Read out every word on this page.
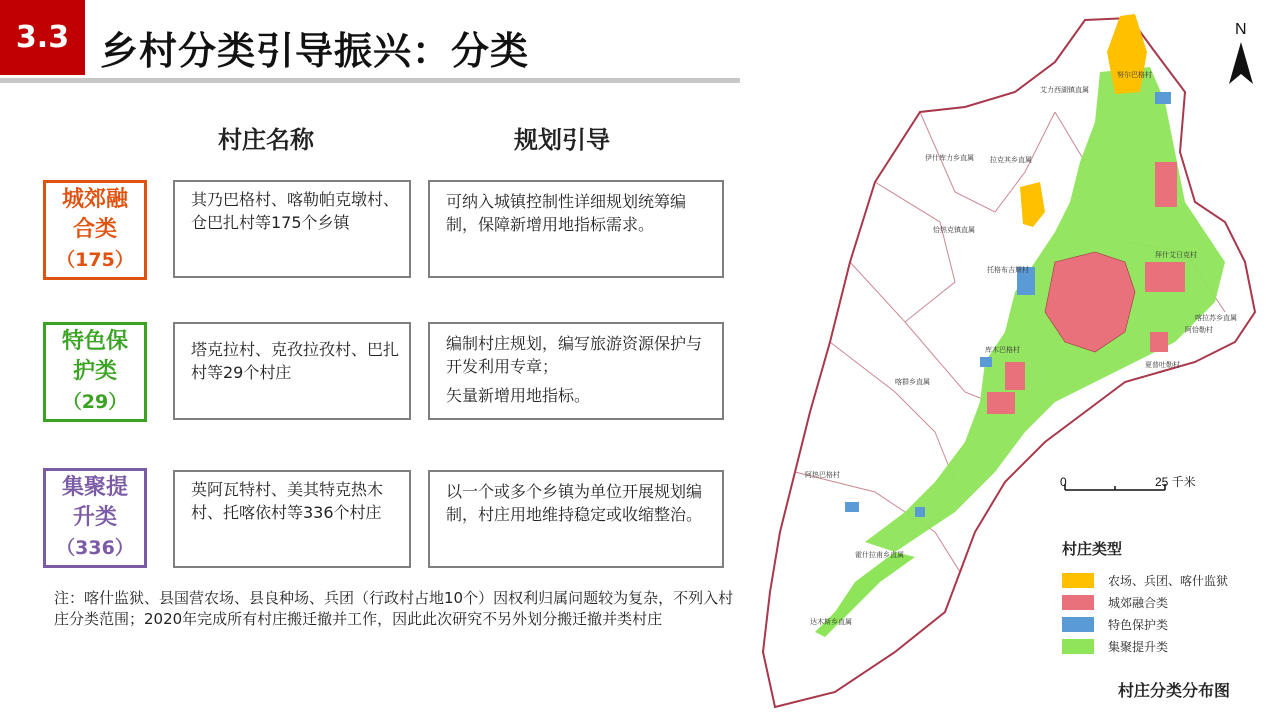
3.3 乡村分类引导振兴：分类
村庄名称	规划引导
城郊融合类
（175）
其乃巴格村、喀勒帕克墩村、仓巴扎村等175个乡镇

可纳入城镇控制性详细规划统筹编制，保障新增用地指标需求。

特色保护类
（29）
塔克拉村、克孜拉孜村、巴扎村等29个村庄

编制村庄规划，编写旅游资源保护与开发利用专章；

矢量新增用地指标。

集聚提升类
（336）
英阿瓦特村、美其特克热木村、托喀依村等336个村庄

以一个或多个乡镇为单位开展规划编制，村庄用地维持稳定或收缩整治。

注：喀什监狱、县国营农场、县良种场、兵团（行政村占地10个）因权利归属问题较为复杂，不列入村庄分类范围；2020年完成所有村庄搬迁撤并工作，因此此次研究不另外划分搬迁撤并类村庄
N
0	25 千米
努尔巴格村
艾力西湖镇直属
伊什库力乡直属 拉克其乡直属
恰热克镇直属
托格布吉斯村
喀拉苏乡直属
阿恰勒村
库木巴格村
喀群乡直属
阿热巴格村
霍什拉甫乡直属
达木斯乡直属
拜什艾日克村
夏普吐勒村
村庄类型
农场、兵团、喀什监狱
城郊融合类
特色保护类
集聚提升类
村庄分类分布图
